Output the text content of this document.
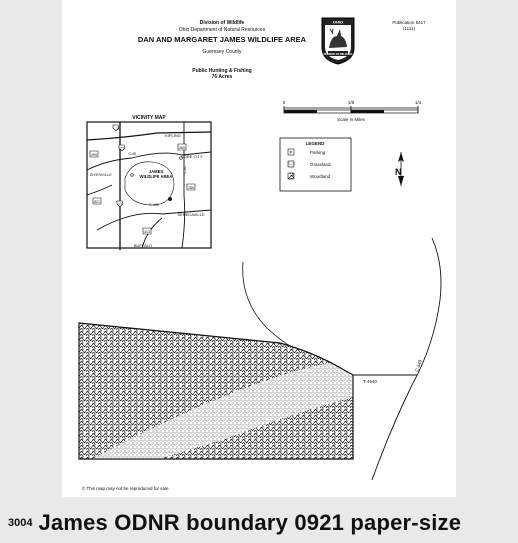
Division of Wildlife
Ohio Department of Natural Resources
DAN AND MARGARET JAMES WILDLIFE AREA
Guernsey County
Public Hunting & Fishing
76 Acres
OHIO
DIVISION OF WILDLIFE
Publication 5417
(1111)
0	1/8	1/4
Scale in Miles
VICINITY MAP
70
77
209
265
285
821
313
C-48
C-65
C-402
77
KIPLING
LORE CITY
BYESVILLE
SENECAVILLE
BUFFALO
JAMES
WILDLIFE AREA
LEGEND
P	Parking
Grassland
Woodland	N
T-4540
C-549
© This map may not be reproduced for sale.
3004 James ODNR boundary 0921 paper-size
